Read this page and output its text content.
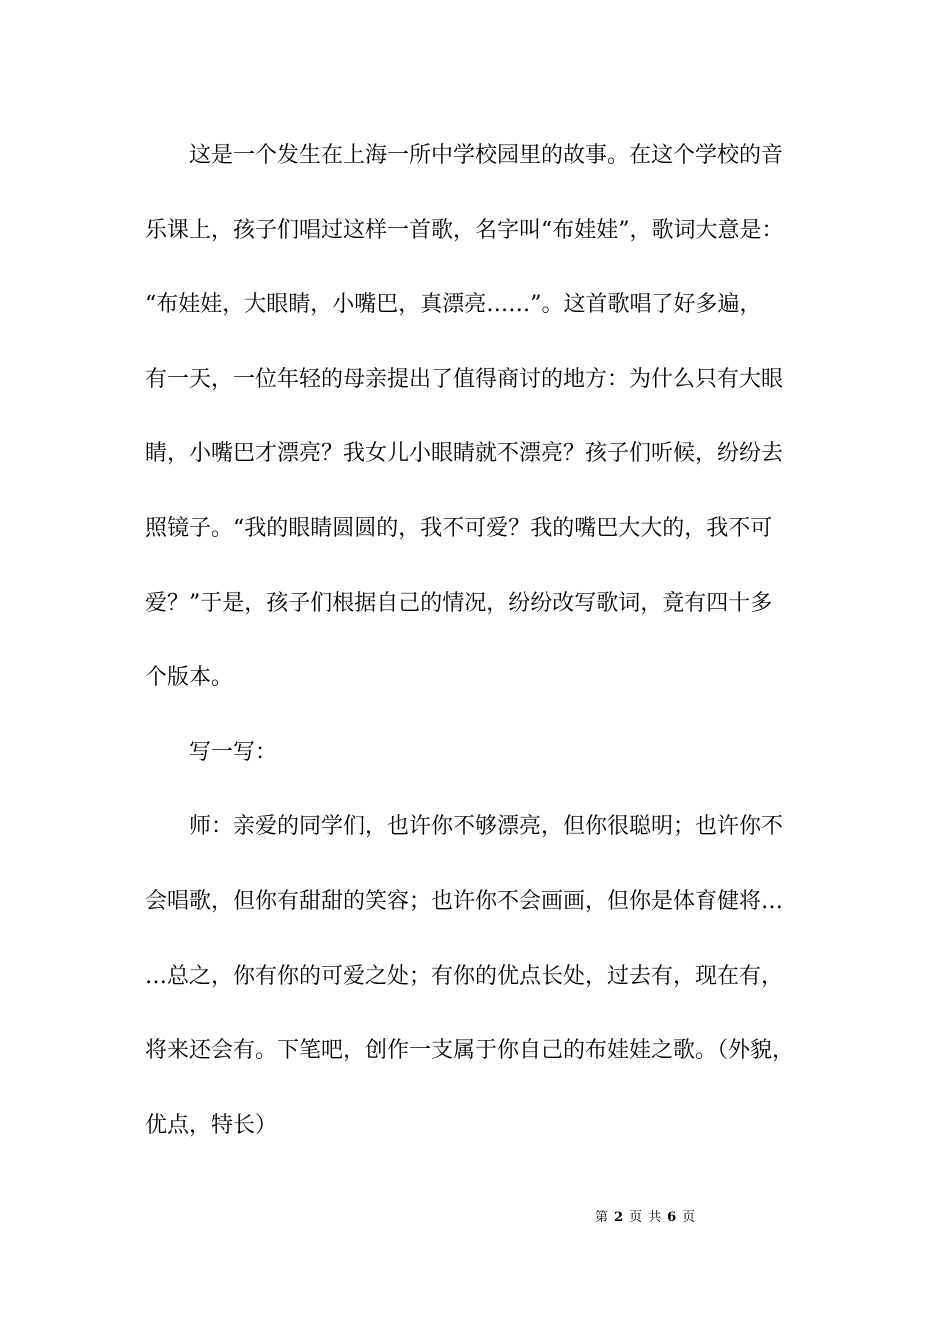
这是一个发生在上海一所中学校园里的故事。在这个学校的音
乐课上，孩子们唱过这样一首歌，名字叫“布娃娃”，歌词大意是：
“布娃娃，大眼睛，小嘴巴，真漂亮……”。这首歌唱了好多遍，
有一天，一位年轻的母亲提出了值得商讨的地方：为什么只有大眼
睛，小嘴巴才漂亮？我女儿小眼睛就不漂亮？孩子们听候，纷纷去
照镜子。“我的眼睛圆圆的，我不可爱？我的嘴巴大大的，我不可
爱？”于是，孩子们根据自己的情况，纷纷改写歌词，竟有四十多
个版本。
写一写：
师：亲爱的同学们，也许你不够漂亮，但你很聪明；也许你不
会唱歌，但你有甜甜的笑容；也许你不会画画，但你是体育健将…
…总之，你有你的可爱之处；有你的优点长处，过去有，现在有，
将来还会有。下笔吧，创作一支属于你自己的布娃娃之歌。（外貌，
优点，特长）
第 2 页 共 6 页
